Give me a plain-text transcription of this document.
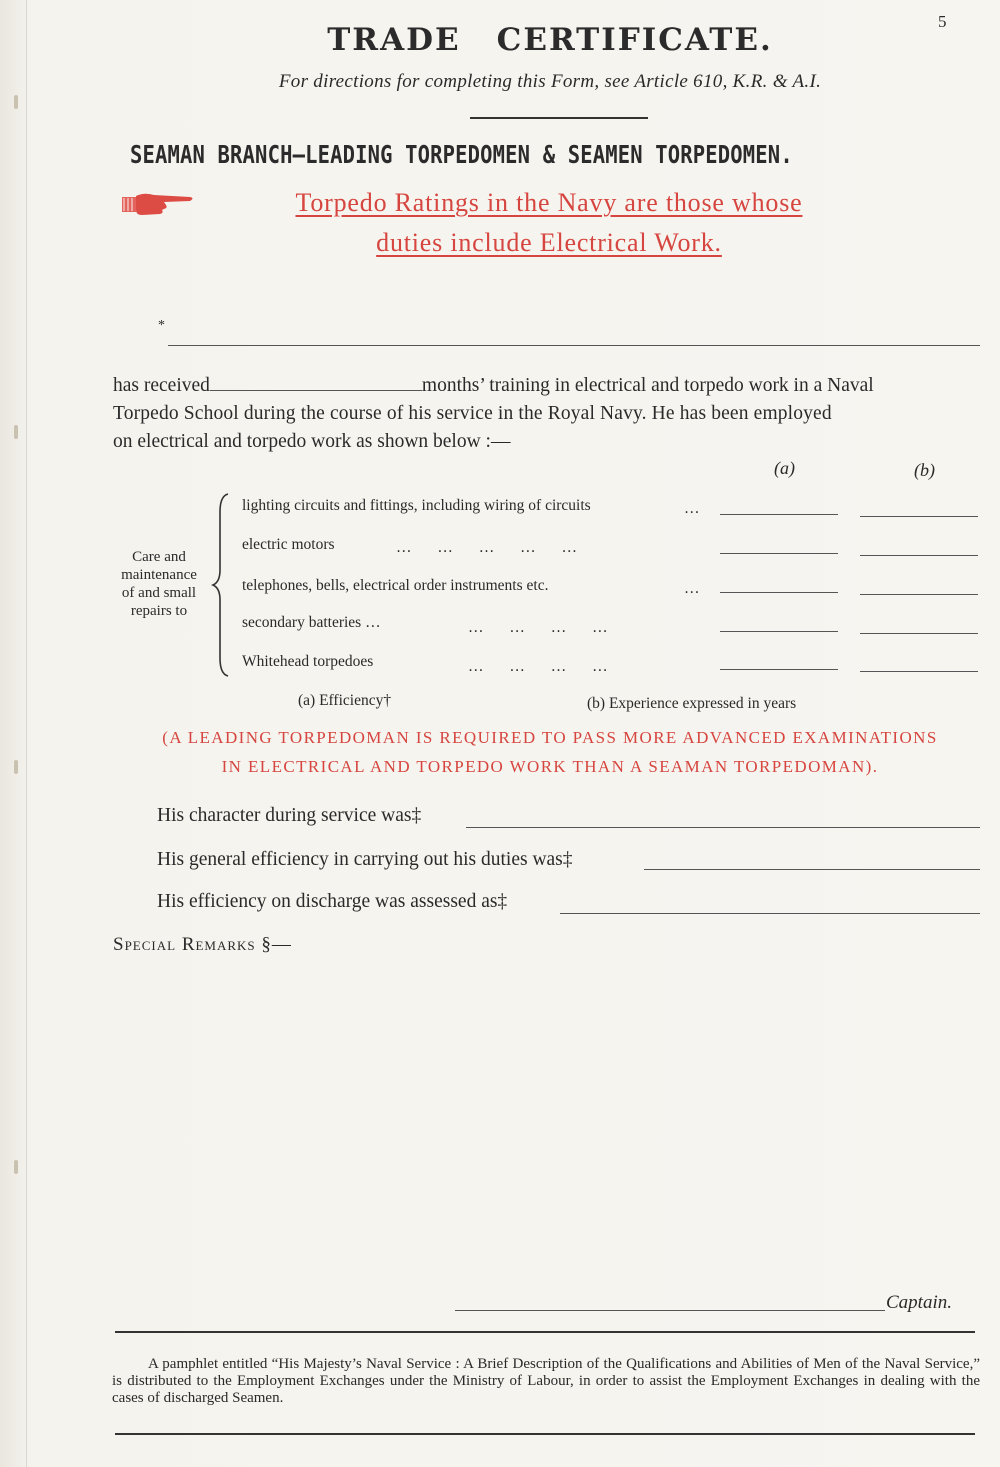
5
TRADE CERTIFICATE.
For directions for completing this Form, see Article 610, K.R. & A.I.
SEAMAN BRANCH—LEADING TORPEDOMEN & SEAMEN TORPEDOMEN.
Torpedo Ratings in the Navy are those whose
duties include Electrical Work.
*
has received	months’ training in electrical and torpedo work in a Naval
Torpedo School during the course of his service in the Royal Navy. He has been employed
on electrical and torpedo work as shown below :—
(a)	(b)
Care and
maintenance
of and small
repairs to
lighting circuits and fittings, including wiring of circuits	…
electric motors	… … … … …
telephones, bells, electrical order instruments etc.	…
secondary batteries …	… … … …
Whitehead torpedoes	… … … …
(a) Efficiency†	(b) Experience expressed in years
(A LEADING TORPEDOMAN IS REQUIRED TO PASS MORE ADVANCED EXAMINATIONS
IN ELECTRICAL AND TORPEDO WORK THAN A SEAMAN TORPEDOMAN).
His character during service was‡
His general efficiency in carrying out his duties was‡
His efficiency on discharge was assessed as‡
Special Remarks §—
Captain.
A pamphlet entitled “His Majesty’s Naval Service : A Brief Description of the Qualifications and Abilities of Men of the Naval Service,” is distributed to the Employment Exchanges under the Ministry of Labour, in order to assist the Employment Exchanges in dealing with the cases of discharged Seamen.
